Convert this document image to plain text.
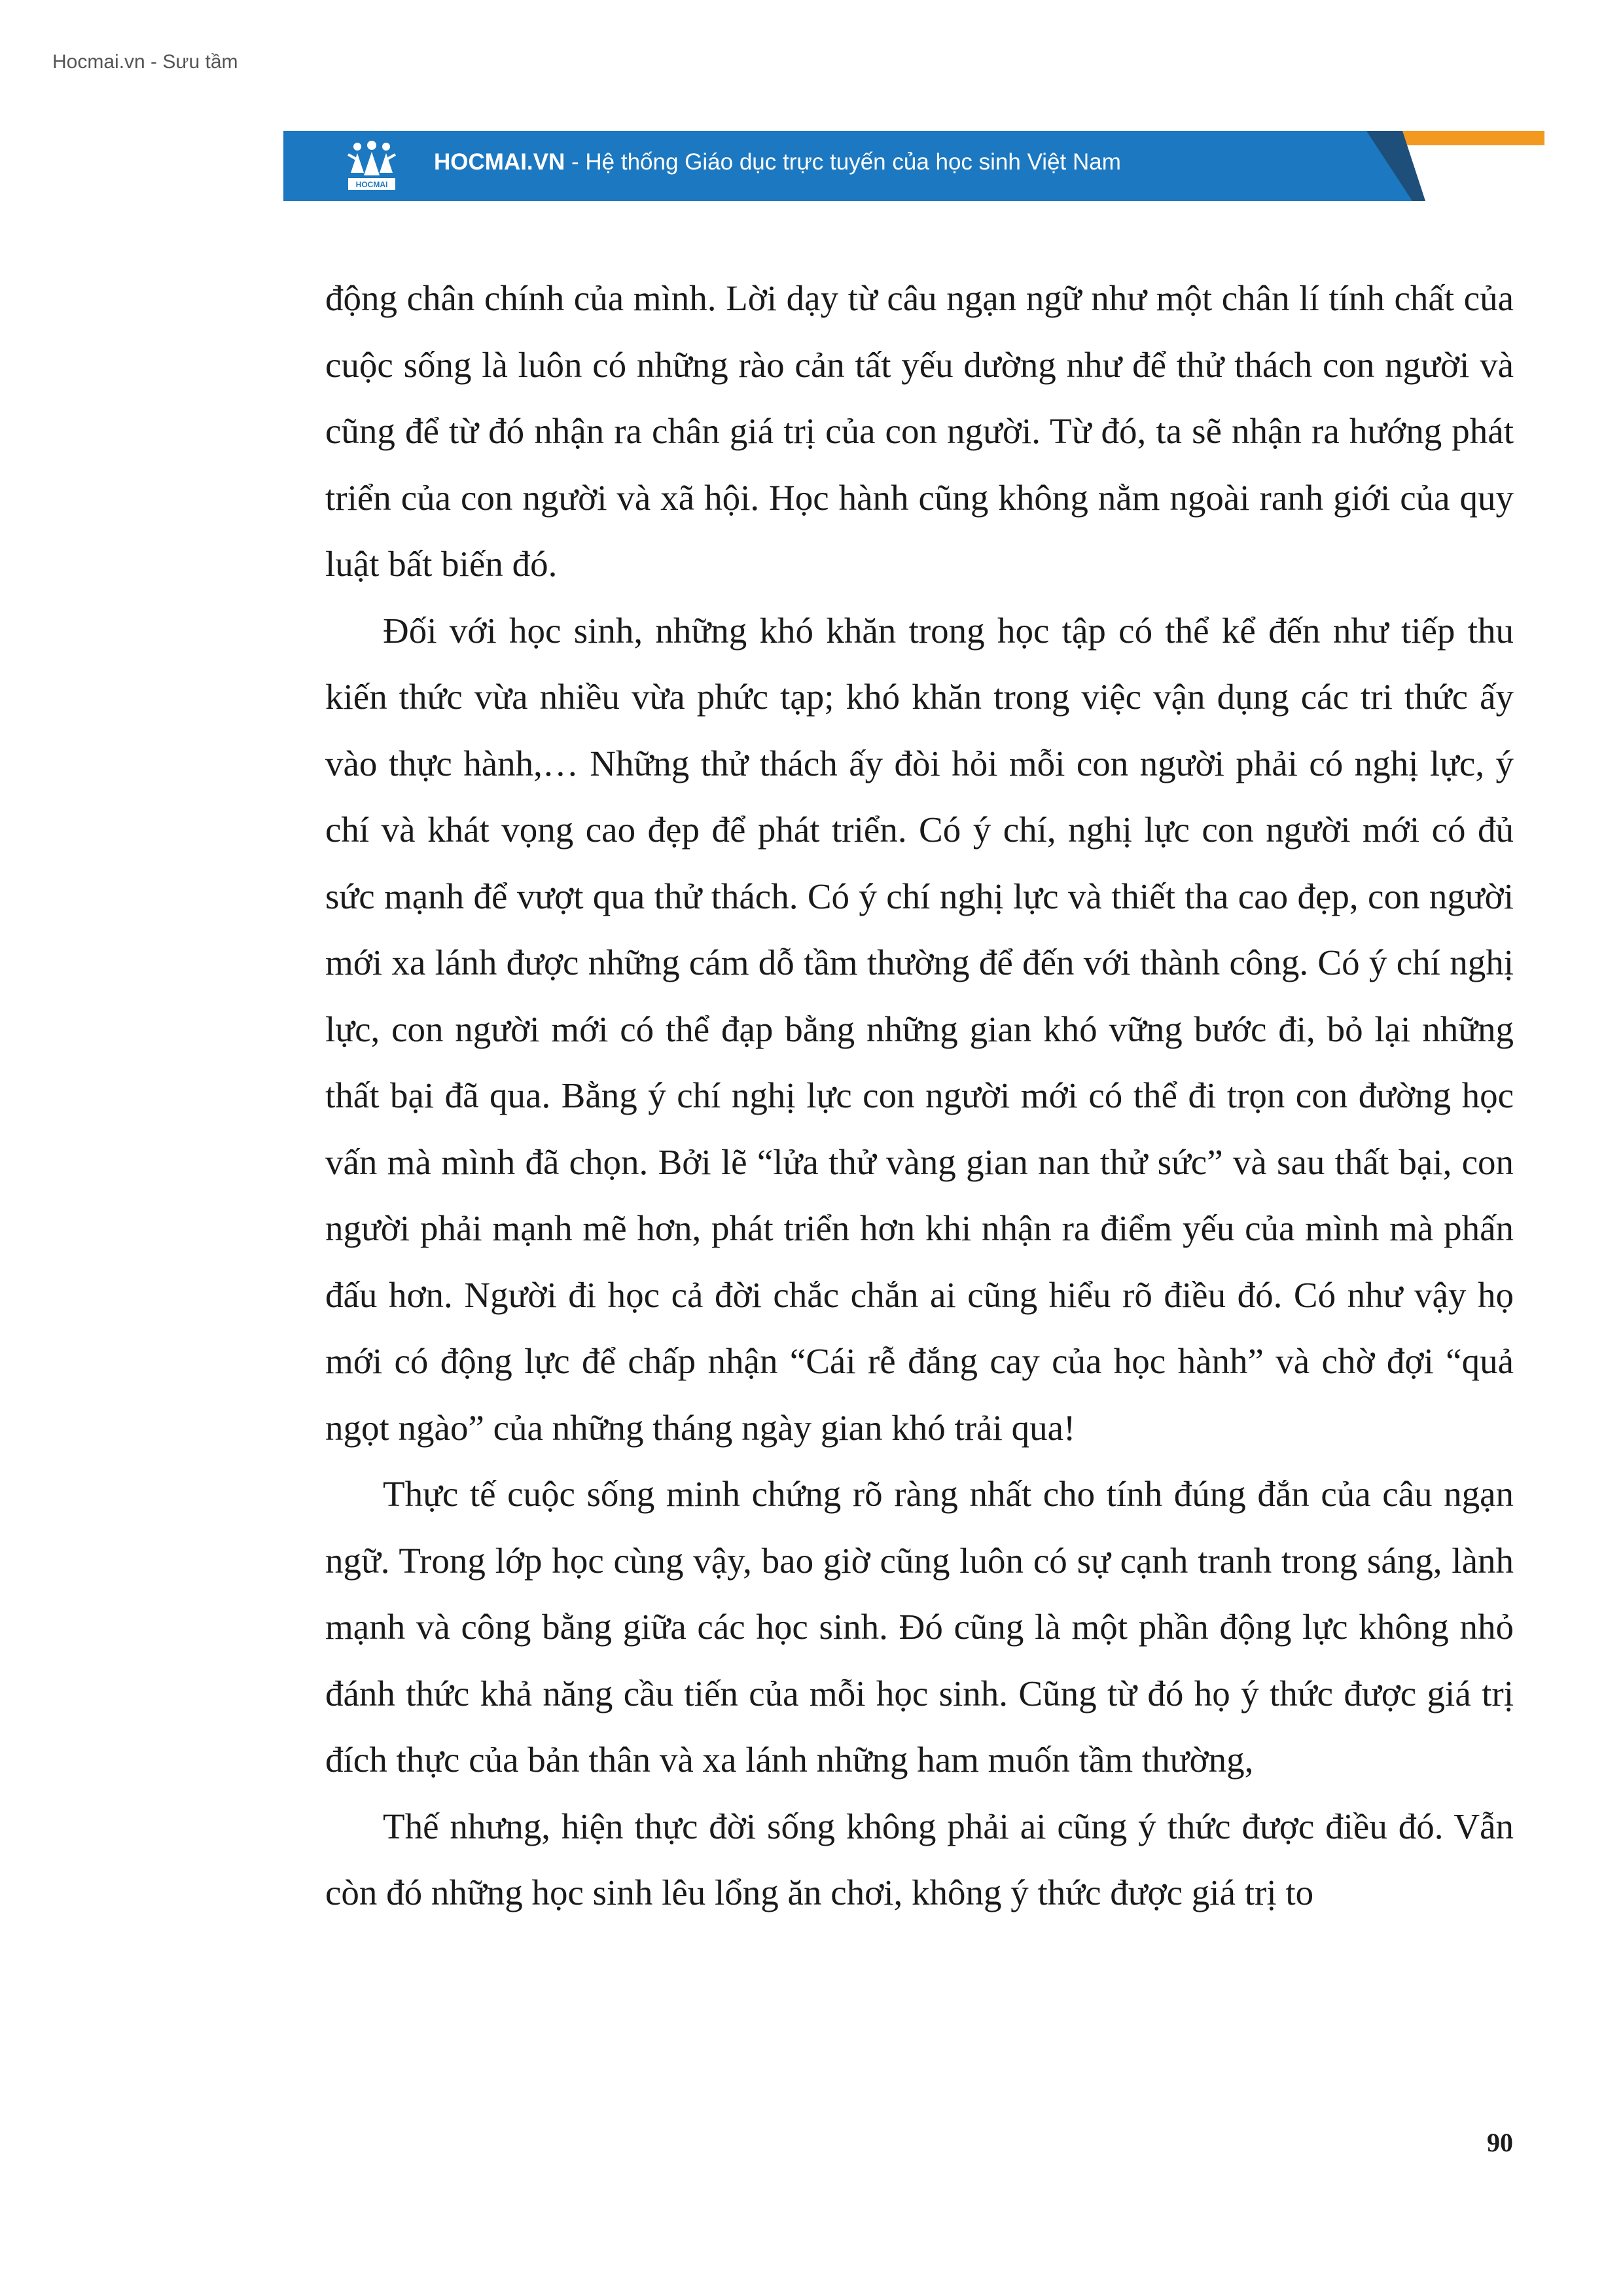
Hocmai.vn - Sưu tầm
HOCMAI
HOCMAI.VN - Hệ thống Giáo dục trực tuyến của học sinh Việt Nam

động chân chính của mình. Lời dạy từ câu ngạn ngữ như một chân lí tính chất của cuộc sống là luôn có những rào cản tất yếu dường như để thử thách con người và cũng để từ đó nhận ra chân giá trị của con người. Từ đó, ta sẽ nhận ra hướng phát triển của con người và xã hội. Học hành cũng không nằm ngoài ranh giới của quy luật bất biến đó.

Đối với học sinh, những khó khăn trong học tập có thể kể đến như tiếp thu kiến thức vừa nhiều vừa phức tạp; khó khăn trong việc vận dụng các tri thức ấy vào thực hành,… Những thử thách ấy đòi hỏi mỗi con người phải có nghị lực, ý chí và khát vọng cao đẹp để phát triển. Có ý chí, nghị lực con người mới có đủ sức mạnh để vượt qua thử thách. Có ý chí nghị lực và thiết tha cao đẹp, con người mới xa lánh được những cám dỗ tầm thường để đến với thành công. Có ý chí nghị lực, con người mới có thể đạp bằng những gian khó vững bước đi, bỏ lại những thất bại đã qua. Bằng ý chí nghị lực con người mới có thể đi trọn con đường học vấn mà mình đã chọn. Bởi lẽ “lửa thử vàng gian nan thử sức” và sau thất bại, con người phải mạnh mẽ hơn, phát triển hơn khi nhận ra điểm yếu của mình mà phấn đấu hơn. Người đi học cả đời chắc chắn ai cũng hiểu rõ điều đó. Có như vậy họ mới có động lực để chấp nhận “Cái rễ đắng cay của học hành” và chờ đợi “quả ngọt ngào” của những tháng ngày gian khó trải qua!

Thực tế cuộc sống minh chứng rõ ràng nhất cho tính đúng đắn của câu ngạn ngữ. Trong lớp học cùng vậy, bao giờ cũng luôn có sự cạnh tranh trong sáng, lành mạnh và công bằng giữa các học sinh. Đó cũng là một phần động lực không nhỏ đánh thức khả năng cầu tiến của mỗi học sinh. Cũng từ đó họ ý thức được giá trị đích thực của bản thân và xa lánh những ham muốn tầm thường,

Thế nhưng, hiện thực đời sống không phải ai cũng ý thức được điều đó. Vẫn còn đó những học sinh lêu lổng ăn chơi, không ý thức được giá trị to

90
